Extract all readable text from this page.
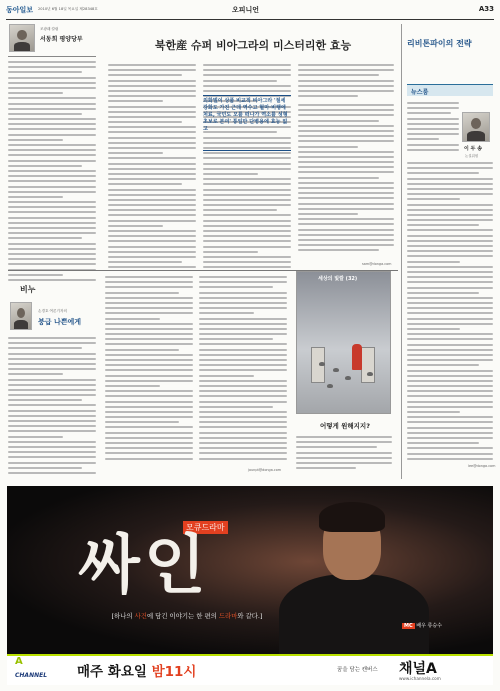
동아일보 2010년 6월 18일 목요일 제28348호	오피니언	A33
조광래 칼럼
서동희 평양당부	북한産 슈퍼 비아그라의 미스터리한 효능
외화벌이 상품 비교적 비아그라 '절세 강화도 가진 근데 역수고 혈마·비행에 처료, 국민도 모를 떠나가 역소를 성형초보로 본여' 통일만 단병용에 효능 없고
sam@donga.com
리비톤파이의 전략
뉴스룸
이 두 송
논설위원
lee@donga.com
비누
손경호 여론기자의
붕급 나쁜에게
jounpt@donga.com
세상의 빛깔 (32)
어떻게 원해지지?
모큐드라마
싸인
[하나의 사건에 담긴 이야기는 한 편의 드라마와 같다.]
MC 배우 류승수
A
CHANNEL 매주 화요일 밤11시	꿈을 담는 캔버스 채널A
www.ichannela.com
